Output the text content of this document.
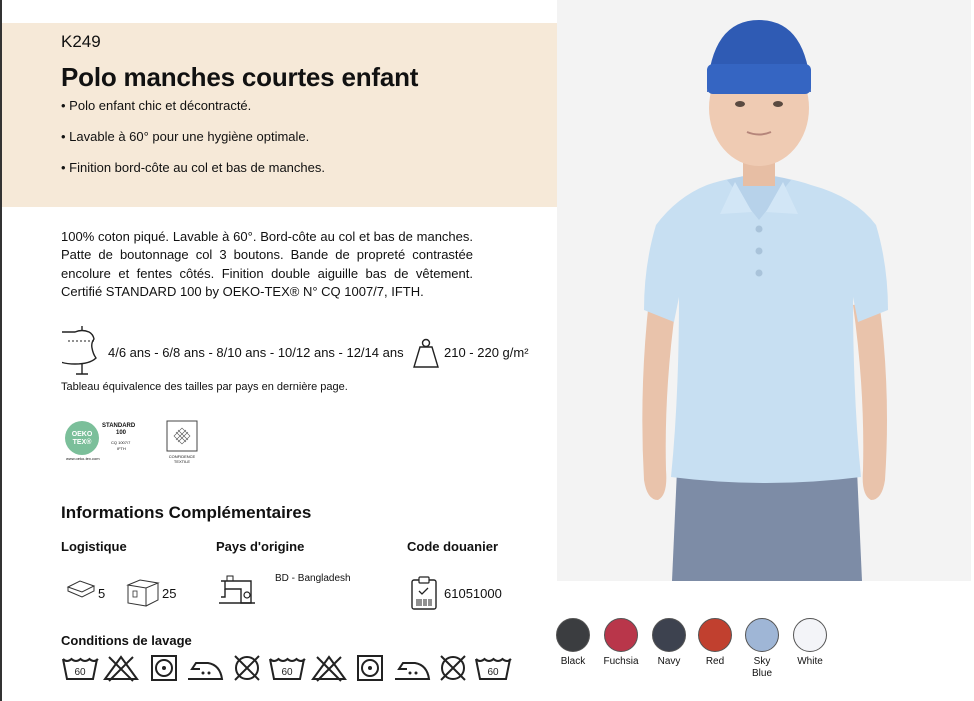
K249
Polo manches courtes enfant
• Polo enfant chic et décontracté.
• Lavable à 60° pour une hygiène optimale.
• Finition bord-côte au col et bas de manches.
100% coton piqué. Lavable à 60°. Bord-côte au col et bas de manches. Patte de boutonnage col 3 boutons. Bande de propreté contrastée encolure et fentes côtés. Finition double aiguille bas de vêtement. Certifié STANDARD 100 by OEKO-TEX® N° CQ 1007/7, IFTH.
4/6 ans - 6/8 ans - 8/10 ans - 10/12 ans - 12/14 ans	210 - 220 g/m²
Tableau équivalence des tailles par pays en dernière page.
OEKO TEX®
STANDARD
100
CQ 1007/7
IFTH
www.oeko-tex.com	CONFIDENCE TEXTILE
Informations Complémentaires
Logistique	Pays d'origine	Code douanier
5	25
BD - Bangladesh
61051000
Conditions de lavage
60	60	60
Black	Fuchsia	Navy	Red	Sky
Blue
White
